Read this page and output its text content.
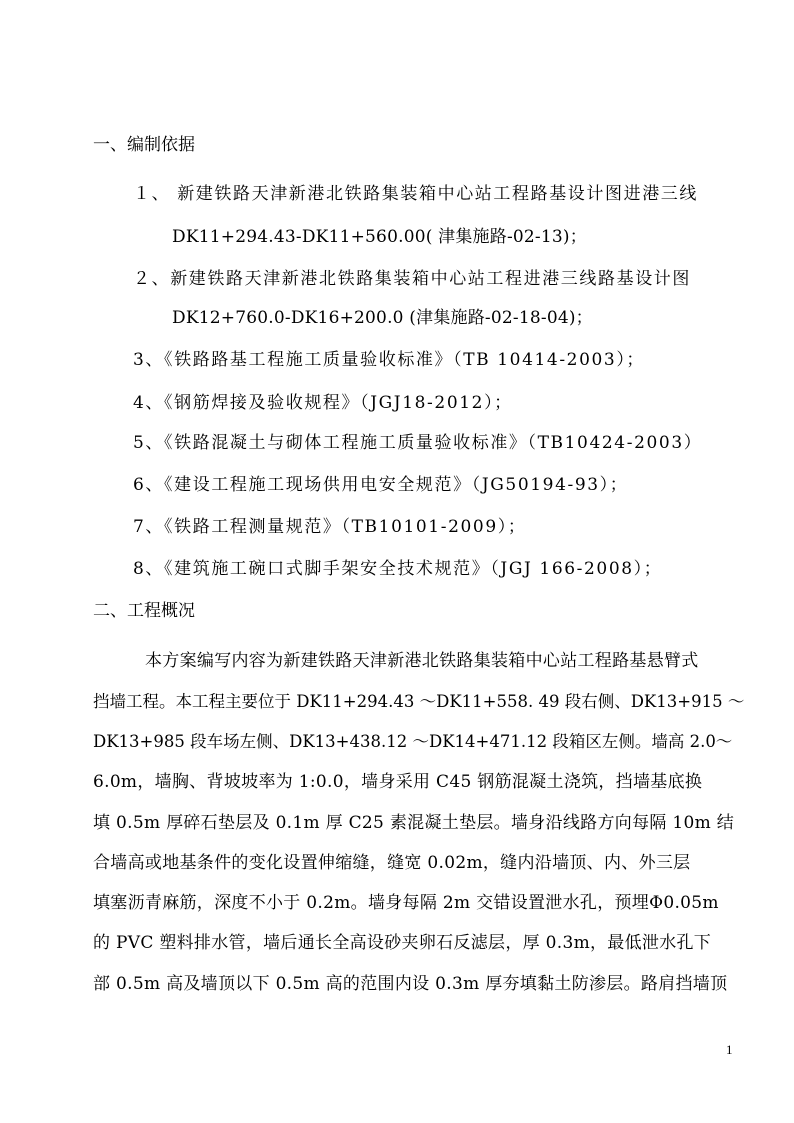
一、编制依据
１、 新建铁路天津新港北铁路集装箱中心站工程路基设计图进港三线
DK11+294.43-DK11+560.00( 津集施路-02-13)；
２、新建铁路天津新港北铁路集装箱中心站工程进港三线路基设计图
DK12+760.0-DK16+200.0 (津集施路-02-18-04)；
3、《铁路路基工程施工质量验收标准》（TB 10414-2003）；
4、《钢筋焊接及验收规程》（JGJ18-2012）；
5、《铁路混凝土与砌体工程施工质量验收标准》（TB10424-2003）
6、《建设工程施工现场供用电安全规范》（JG50194-93）；
7、《铁路工程测量规范》（TB10101-2009）；
8、《建筑施工碗口式脚手架安全技术规范》（JGJ 166-2008）；
二、工程概况
本方案编写内容为新建铁路天津新港北铁路集装箱中心站工程路基悬臂式
挡墙工程。本工程主要位于 DK11+294.43 ～DK11+558. 49 段右侧、DK13+915 ～
DK13+985 段车场左侧、DK13+438.12 ～DK14+471.12 段箱区左侧。墙高 2.0～
6.0m，墙胸、背坡坡率为 1:0.0，墙身采用 C45 钢筋混凝土浇筑，挡墙基底换
填 0.5m 厚碎石垫层及 0.1m 厚 C25 素混凝土垫层。墙身沿线路方向每隔 10m 结
合墙高或地基条件的变化设置伸缩缝，缝宽 0.02m，缝内沿墙顶、内、外三层
填塞沥青麻筋，深度不小于 0.2m。墙身每隔 2m 交错设置泄水孔，预埋Φ0.05m
的 PVC 塑料排水管，墙后通长全高设砂夹卵石反滤层，厚 0.3m，最低泄水孔下
部 0.5m 高及墙顶以下 0.5m 高的范围内设 0.3m 厚夯填黏土防渗层。路肩挡墙顶
1
